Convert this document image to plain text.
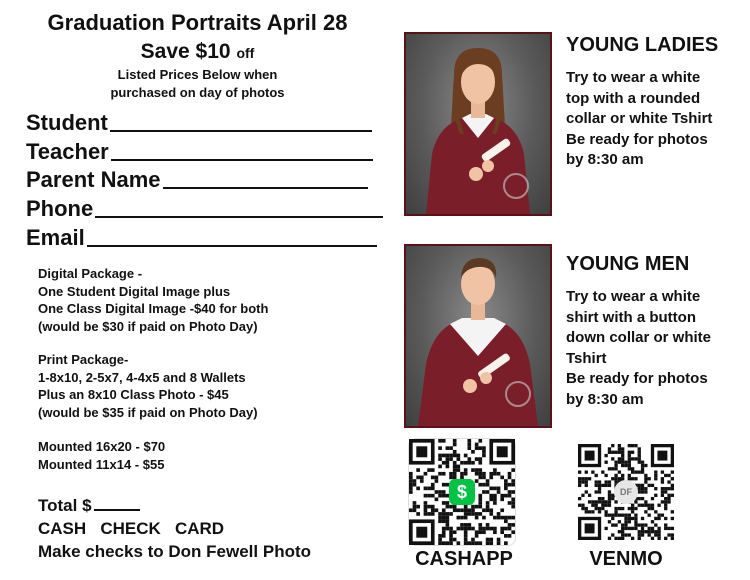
Graduation Portraits April 28
Save $10 off
Listed Prices Below when
purchased on day of photos
Student
Teacher
Parent Name
Phone
Email
Digital Package -
One Student Digital Image plus
One Class Digital Image -$40 for both
(would be $30 if paid on Photo Day)
Print Package-
1-8x10, 2-5x7, 4-4x5 and 8 Wallets
Plus an 8x10 Class Photo - $45
(would be $35 if paid on Photo Day)
Mounted 16x20 - $70
Mounted 11x14 - $55
Total $
CASH   CHECK   CARD
Make checks to Don Fewell Photo
YOUNG LADIES
Try to wear a white
top with a rounded
collar or white Tshirt
Be ready for photos
by 8:30 am
YOUNG MEN
Try to wear a white
shirt with a button
down collar or white
Tshirt
Be ready for photos
by 8:30 am
$
CASHAPP
DF
VENMO
